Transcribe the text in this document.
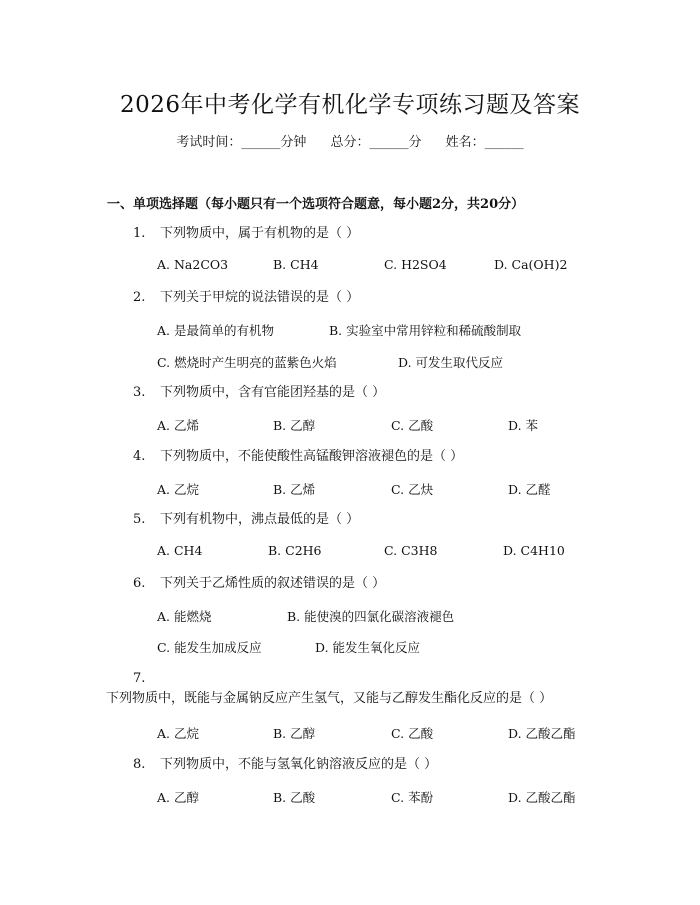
2026年中考化学有机化学专项练习题及答案
考试时间：______分钟 总分：______分 姓名：______
一、单项选择题（每小题只有一个选项符合题意，每小题2分，共20分）
1. 下列物质中，属于有机物的是（ ）
A. Na2CO3	B. CH4	C. H2SO4	D. Ca(OH)2
2. 下列关于甲烷的说法错误的是（ ）
A. 是最简单的有机物	B. 实验室中常用锌粒和稀硫酸制取
C. 燃烧时产生明亮的蓝紫色火焰	D. 可发生取代反应
3. 下列物质中，含有官能团羟基的是（ ）
A. 乙烯	B. 乙醇	C. 乙酸	D. 苯
4. 下列物质中，不能使酸性高锰酸钾溶液褪色的是（ ）
A. 乙烷	B. 乙烯	C. 乙炔	D. 乙醛
5. 下列有机物中，沸点最低的是（ ）
A. CH4	B. C2H6	C. C3H8	D. C4H10
6. 下列关于乙烯性质的叙述错误的是（ ）
A. 能燃烧	B. 能使溴的四氯化碳溶液褪色
C. 能发生加成反应	D. 能发生氧化反应
7.下列物质中，既能与金属钠反应产生氢气，又能与乙醇发生酯化反应的是（ ）
A. 乙烷	B. 乙醇	C. 乙酸	D. 乙酸乙酯
8. 下列物质中，不能与氢氧化钠溶液反应的是（ ）
A. 乙醇	B. 乙酸	C. 苯酚	D. 乙酸乙酯
